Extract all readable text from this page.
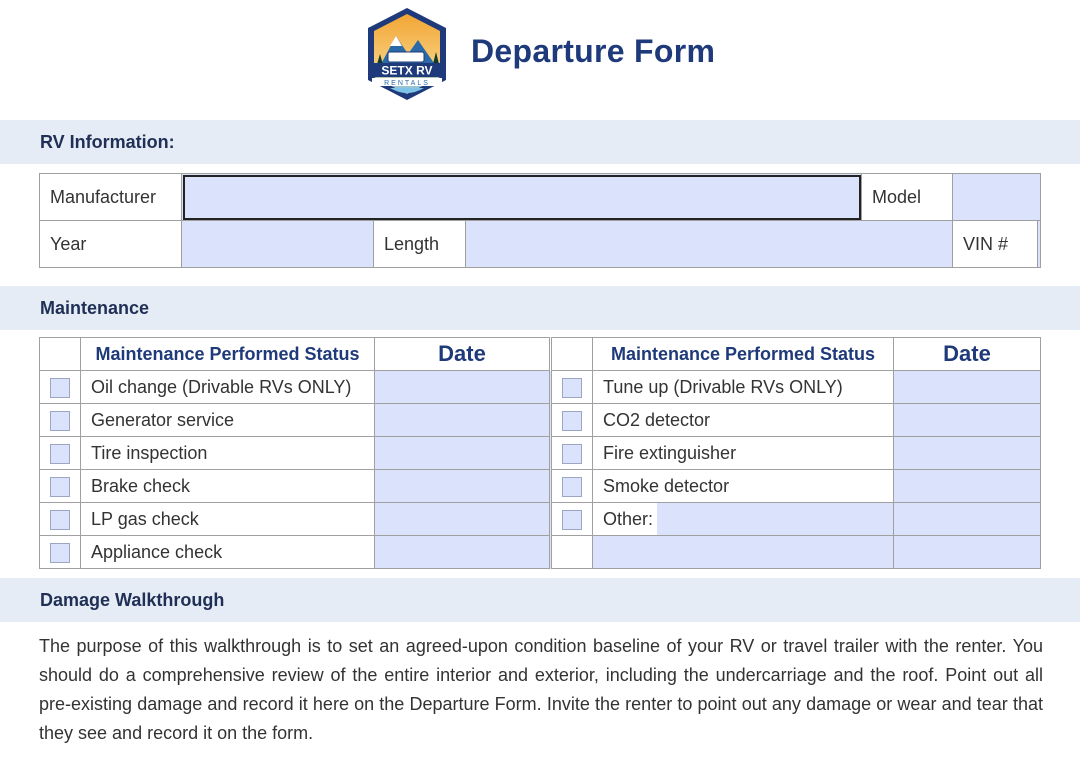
SETX RV
RENTALS
Departure Form
RV Information:
Manufacturer				Model		
Year		Length			VIN #	
Maintenance
	Maintenance Performed Status	Date		Maintenance Performed Status	Date
	Oil change (Drivable RVs ONLY)			Tune up (Drivable RVs ONLY)	
	Generator service			CO2 detector	
	Tire inspection			Fire extinguisher	
	Brake check			Smoke detector	
	LP gas check			Other:	

	Appliance check				
Damage Walkthrough
The purpose of this walkthrough is to set an agreed-upon condition baseline of your RV or travel trailer with the renter. You should do a comprehensive review of the entire interior and exterior, including the undercarriage and the roof. Point out all pre-existing damage and record it here on the Departure Form. Invite the renter to point out any damage or wear and tear that they see and record it on the form.
